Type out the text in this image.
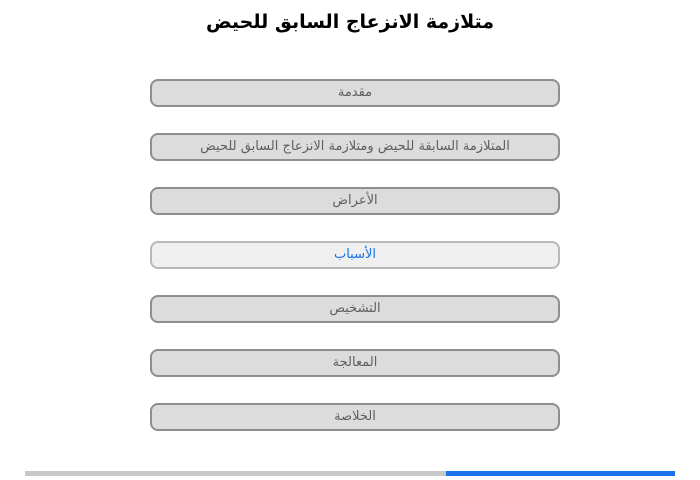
متلازمة الانزعاج السابق للحيض
مقدمة
المتلازمة السابقة للحيض ومتلازمة الانزعاج السابق للحيض
الأعراض
الأسباب
التشخيص
المعالجة
الخلاصة
